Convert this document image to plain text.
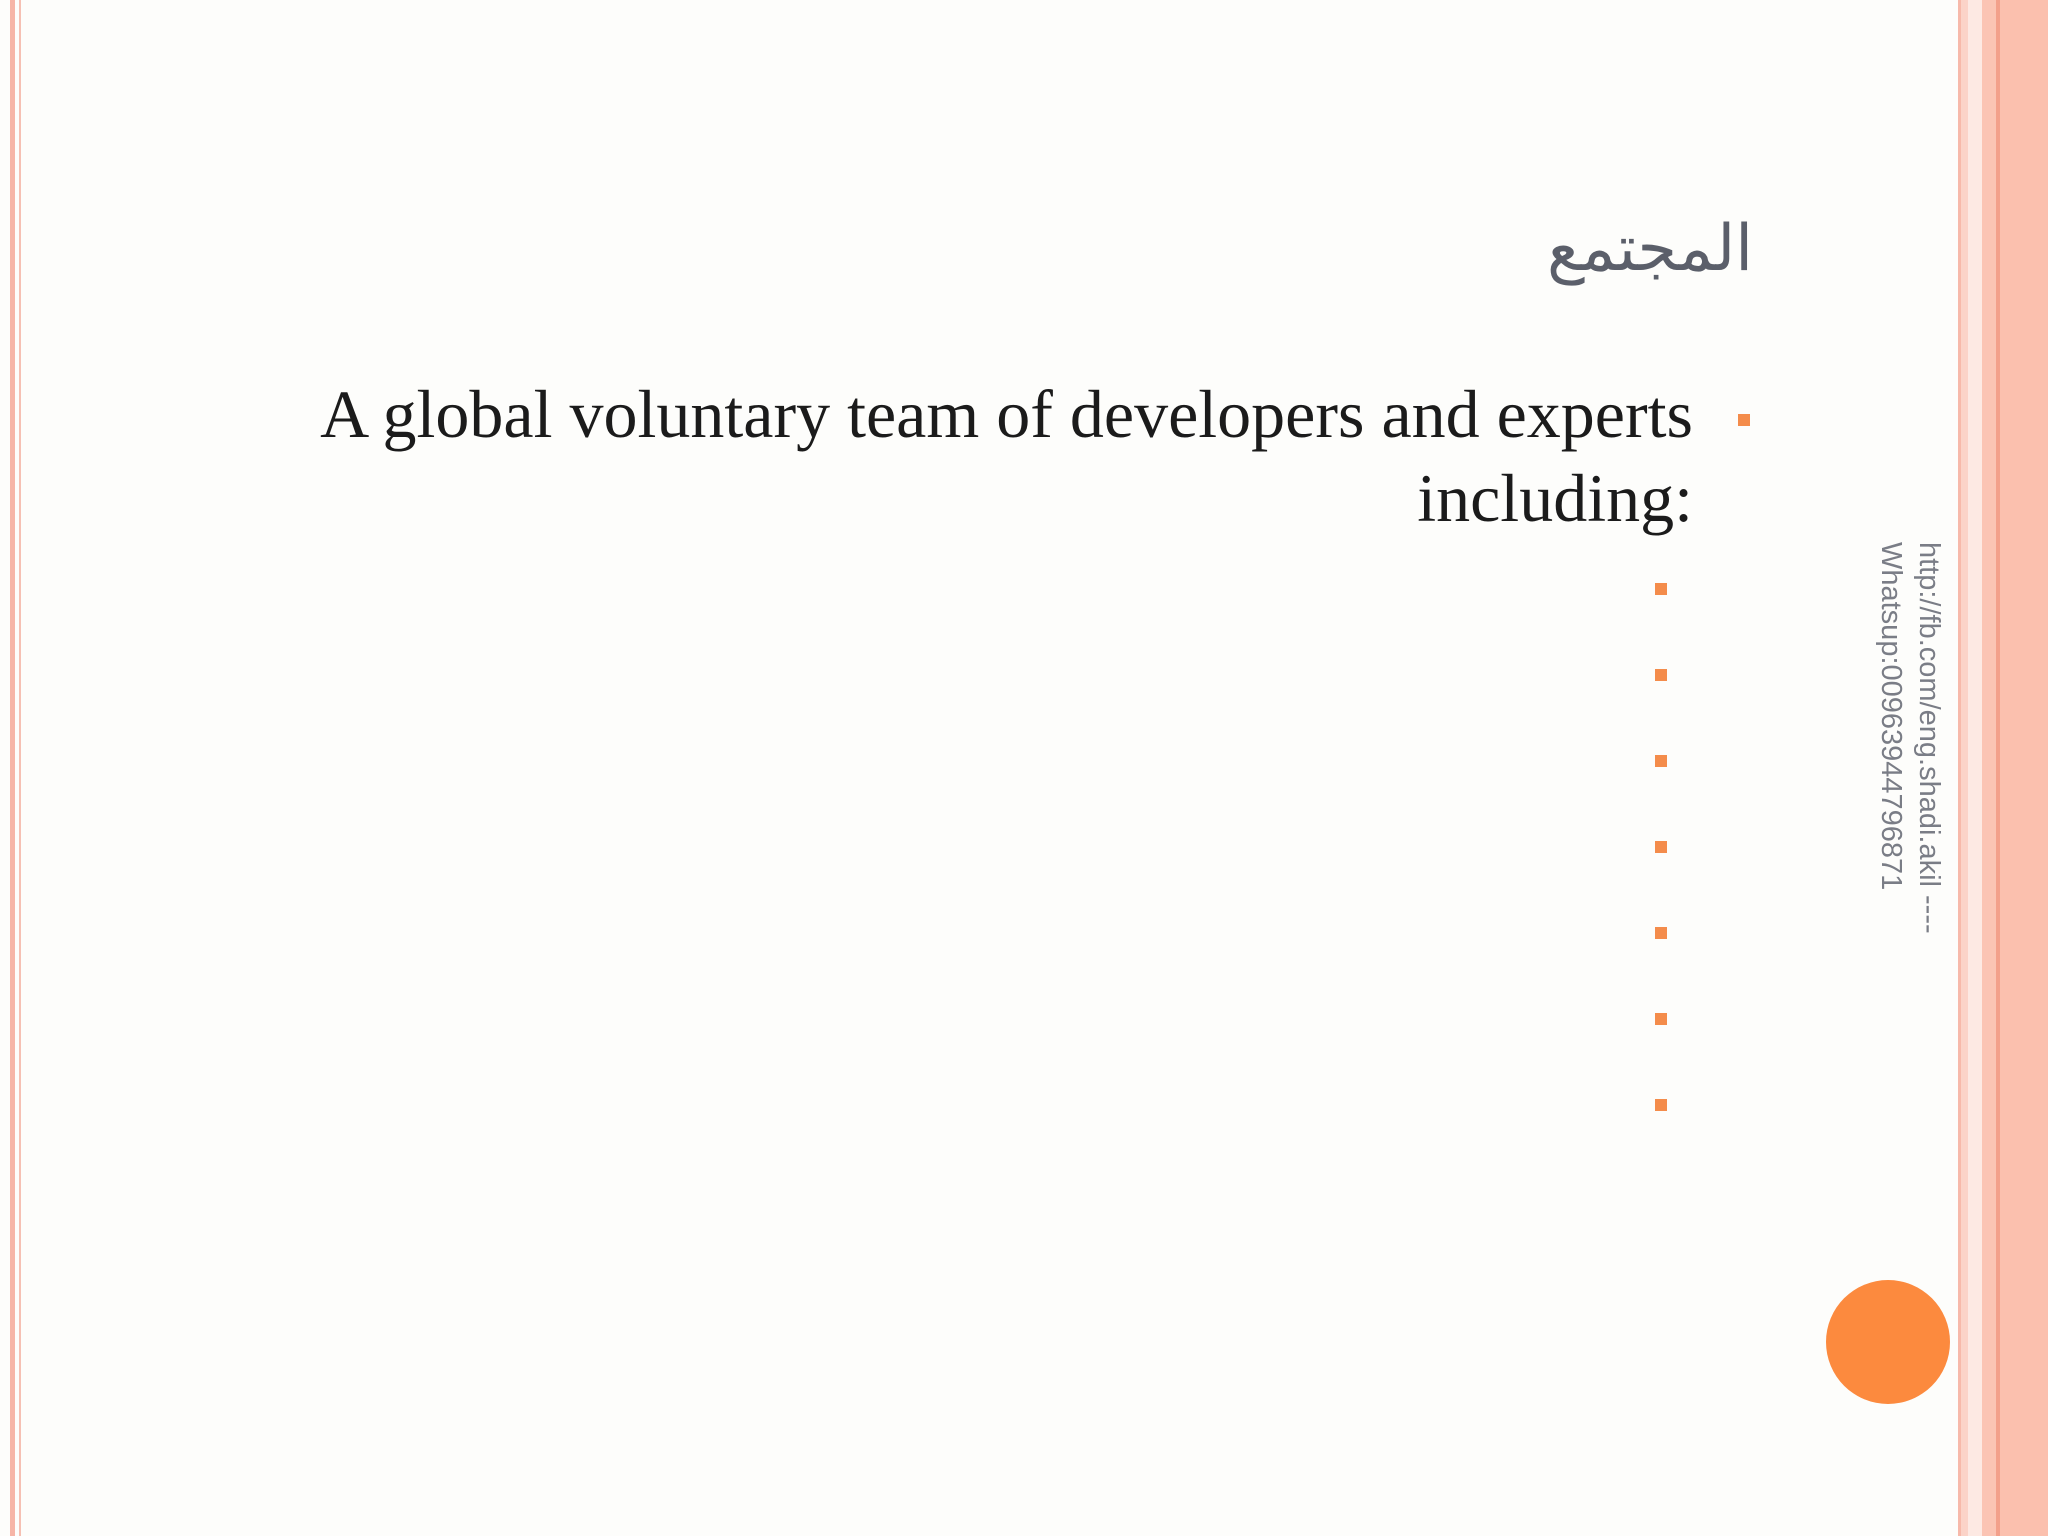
المجتمع
A global voluntary team of developers and experts including:
http://fb.com/eng.shadi.akil ----
Whatsup:00963944796871
